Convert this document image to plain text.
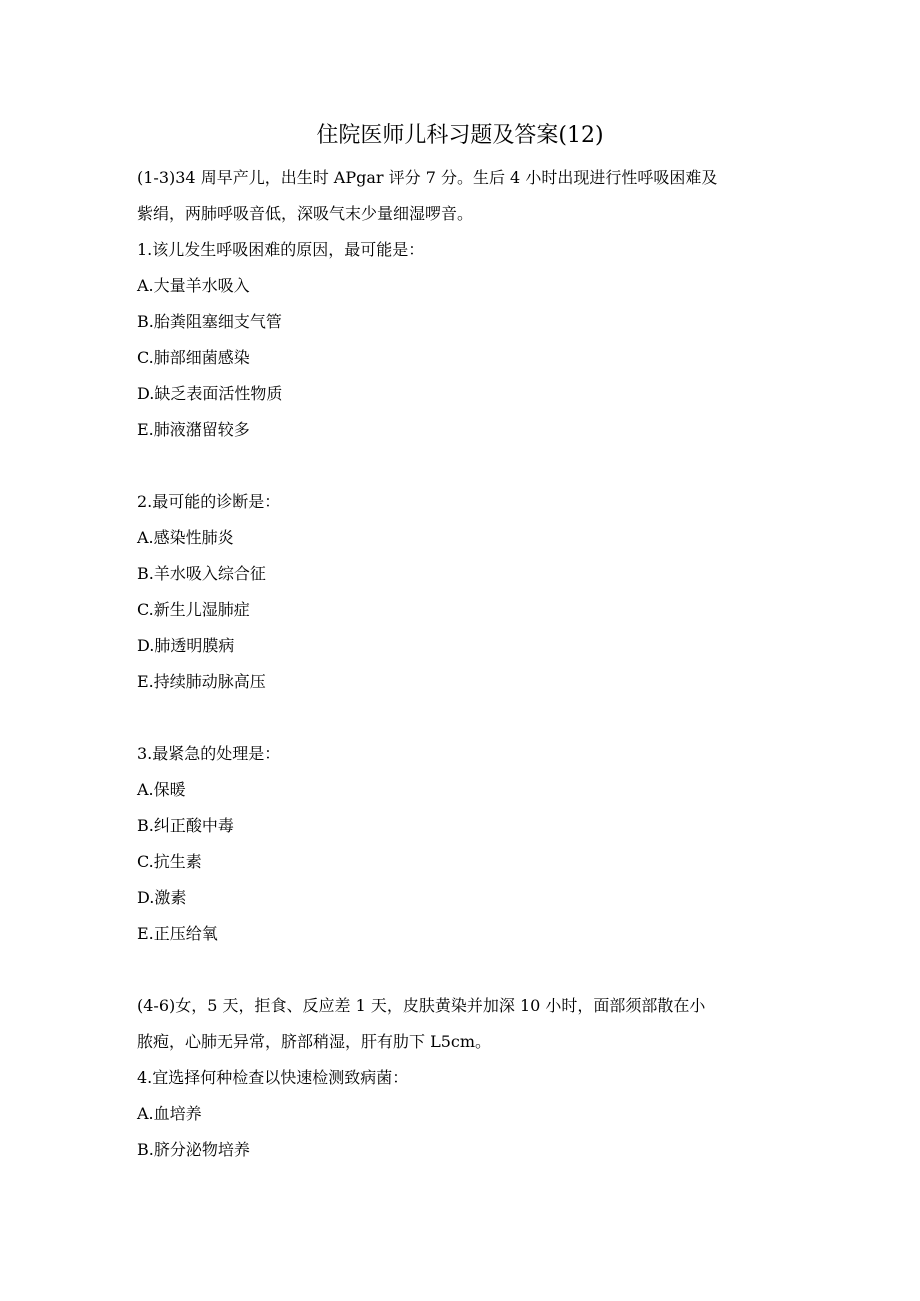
住院医师儿科习题及答案(12)
(1-3)34 周早产儿，出生时 APgar 评分 7 分。生后 4 小时出现进行性呼吸困难及
紫绢，两肺呼吸音低，深吸气末少量细湿啰音。
1.该儿发生呼吸困难的原因，最可能是：
A.大量羊水吸入
B.胎粪阻塞细支气管
C.肺部细菌感染
D.缺乏表面活性物质
E.肺液潴留较多
2.最可能的诊断是：
A.感染性肺炎
B.羊水吸入综合征
C.新生儿湿肺症
D.肺透明膜病
E.持续肺动脉高压
3.最紧急的处理是：
A.保暖
B.纠正酸中毒
C.抗生素
D.激素
E.正压给氧
(4-6)女，5 天，拒食、反应差 1 天，皮肤黄染并加深 10 小时，面部须部散在小
脓疱，心肺无异常，脐部稍湿，肝有肋下 L5cm。
4.宜选择何种检查以快速检测致病菌：
A.血培养
B.脐分泌物培养
